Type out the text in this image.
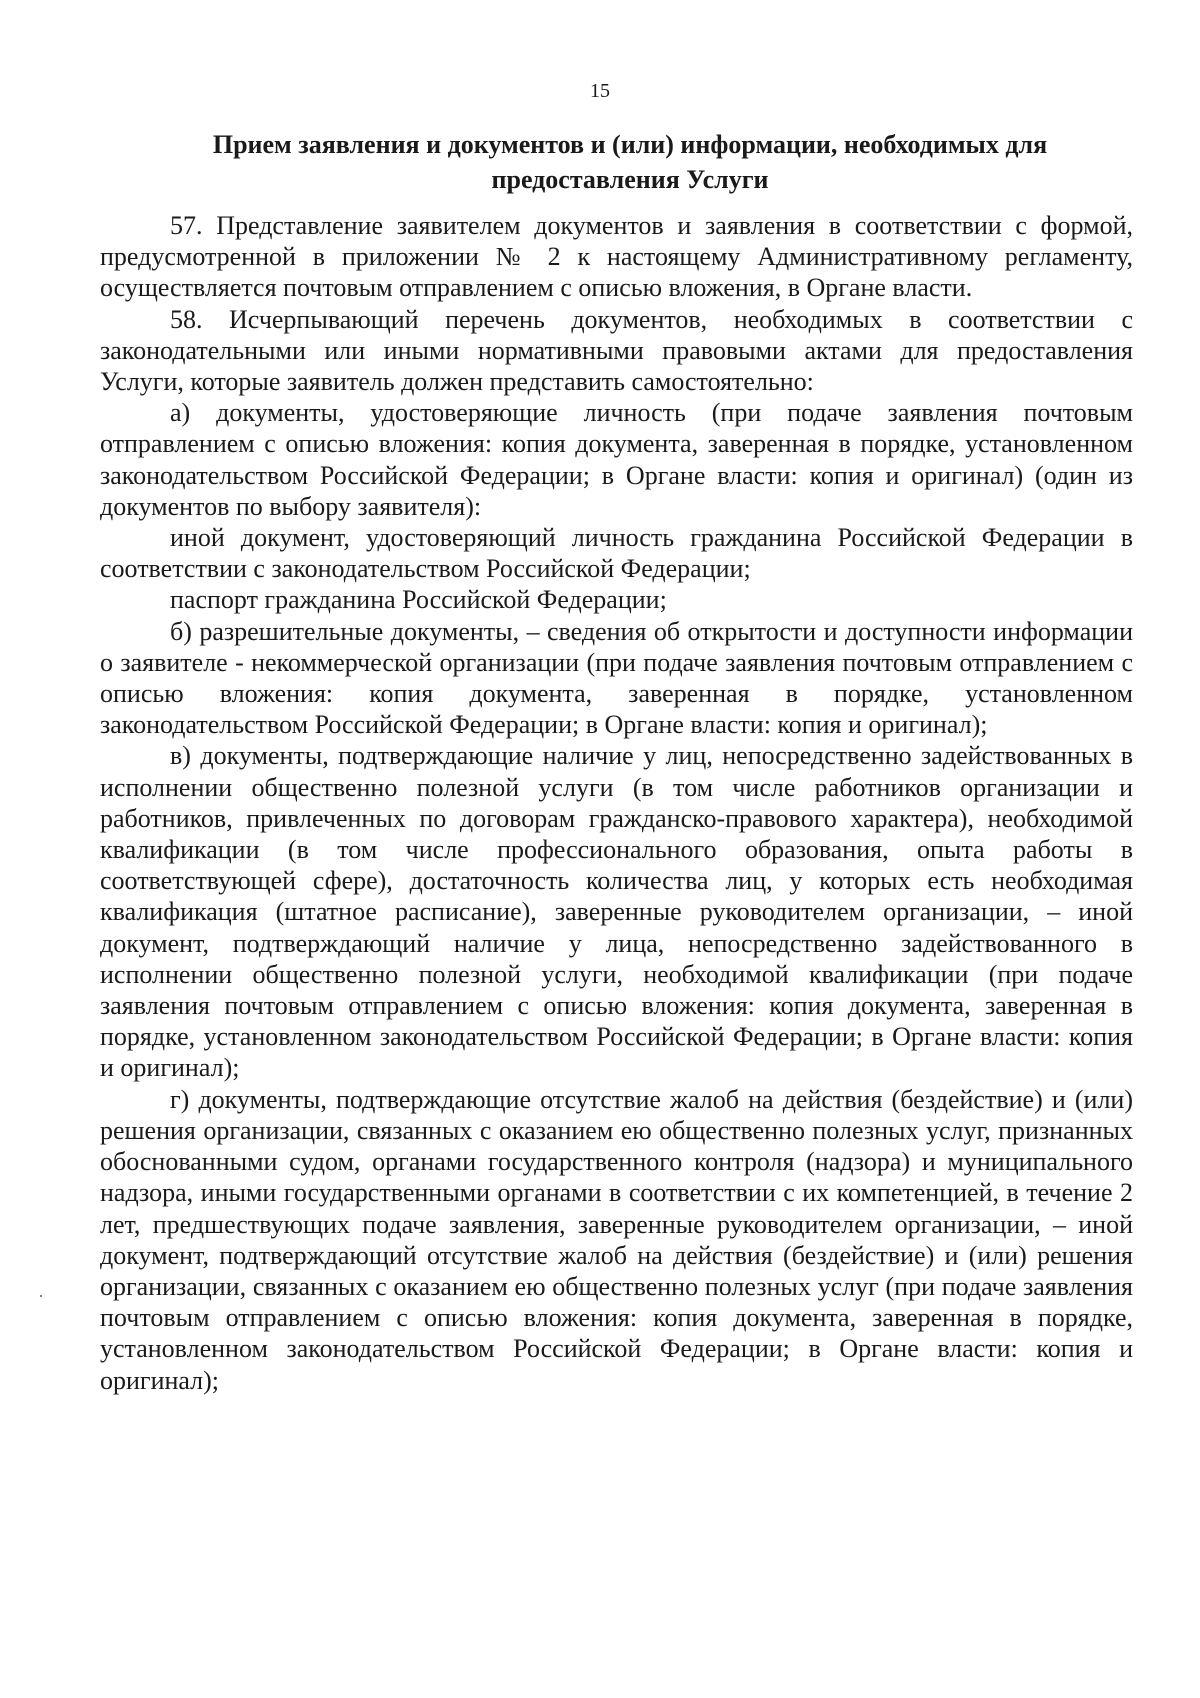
15
Прием заявления и документов и (или) информации, необходимых для предоставления Услуги

57. Представление заявителем документов и заявления в соответствии с формой, предусмотренной в приложении № 2 к настоящему Административному регламенту, осуществляется почтовым отправлением с описью вложения, в Органе власти.

58. Исчерпывающий перечень документов, необходимых в соответствии с законодательными или иными нормативными правовыми актами для предоставления Услуги, которые заявитель должен представить самостоятельно:

а) документы, удостоверяющие личность (при подаче заявления почтовым отправлением с описью вложения: копия документа, заверенная в порядке, установленном законодательством Российской Федерации; в Органе власти: копия и оригинал) (один из документов по выбору заявителя):

иной документ, удостоверяющий личность гражданина Российской Федерации в соответствии с законодательством Российской Федерации;

паспорт гражданина Российской Федерации;

б) разрешительные документы, – сведения об открытости и доступности информации о заявителе - некоммерческой организации (при подаче заявления почтовым отправлением с описью вложения: копия документа, заверенная в порядке, установленном законодательством Российской Федерации; в Органе власти: копия и оригинал);

в) документы, подтверждающие наличие у лиц, непосредственно задействованных в исполнении общественно полезной услуги (в том числе работников организации и работников, привлеченных по договорам гражданско-правового характера), необходимой квалификации (в том числе профессионального образования, опыта работы в соответствующей сфере), достаточность количества лиц, у которых есть необходимая квалификация (штатное расписание), заверенные руководителем организации, – иной документ, подтверждающий наличие у лица, непосредственно задействованного в исполнении общественно полезной услуги, необходимой квалификации (при подаче заявления почтовым отправлением с описью вложения: копия документа, заверенная в порядке, установленном законодательством Российской Федерации; в Органе власти: копия и оригинал);

г) документы, подтверждающие отсутствие жалоб на действия (бездействие) и (или) решения организации, связанных с оказанием ею общественно полезных услуг, признанных обоснованными судом, органами государственного контроля (надзора) и муниципального надзора, иными государственными органами в соответствии с их компетенцией, в течение 2 лет, предшествующих подаче заявления, заверенные руководителем организации, – иной документ, подтверждающий отсутствие жалоб на действия (бездействие) и (или) решения организации, связанных с оказанием ею общественно полезных услуг (при подаче заявления почтовым отправлением с описью вложения: копия документа, заверенная в порядке, установленном законодательством Российской Федерации; в Органе власти: копия и оригинал);
